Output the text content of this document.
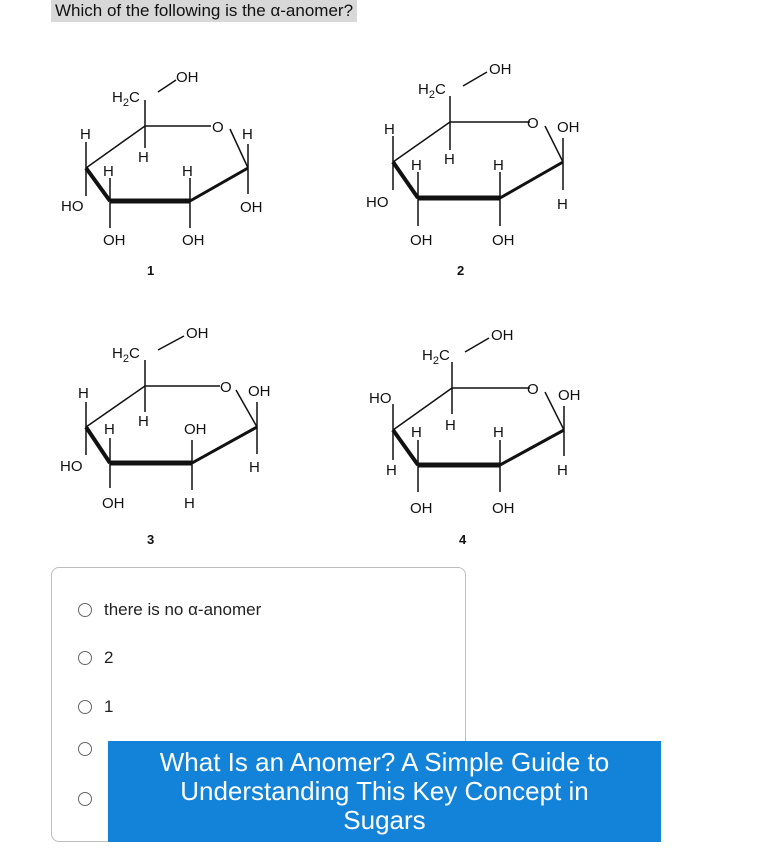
Which of the following is the α-anomer?
$H_2C$
OH
O H
H
H
H
H
HO	OH
OH	OH
1
$H_2C$
OH
O OH
H
H H	H
HO	H
OH	OH
2
$H_2C$
OH
O OH
H
H H OH
HO	H
OH	H
3
$H_2C$
OH
O OH
HO
H H H
H	H
OH	OH
4
there is no α-anomer
2
1
What Is an Anomer? A Simple Guide to Understanding This Key Concept in Sugars
